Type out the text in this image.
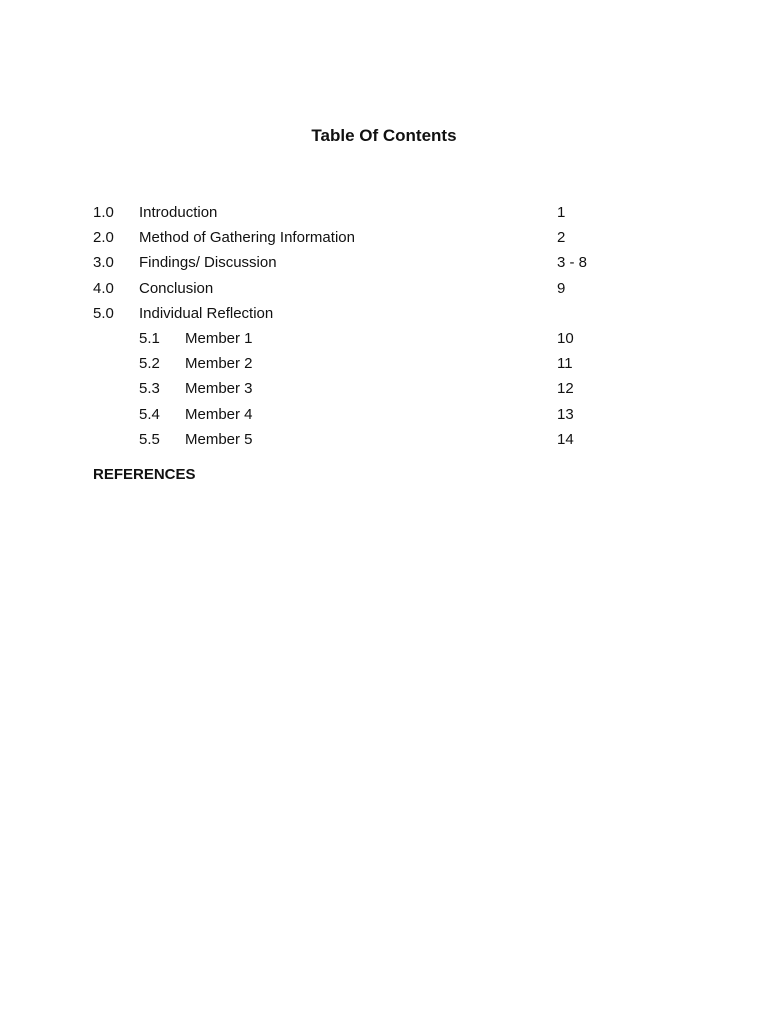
Table Of Contents
1.0 Introduction	1
2.0 Method of Gathering Information	2
3.0 Findings/ Discussion	3 - 8
4.0 Conclusion	9
5.0 Individual Reflection
5.1 Member 1	10
5.2 Member 2	11
5.3 Member 3	12
5.4 Member 4	13
5.5 Member 5	14
REFERENCES
